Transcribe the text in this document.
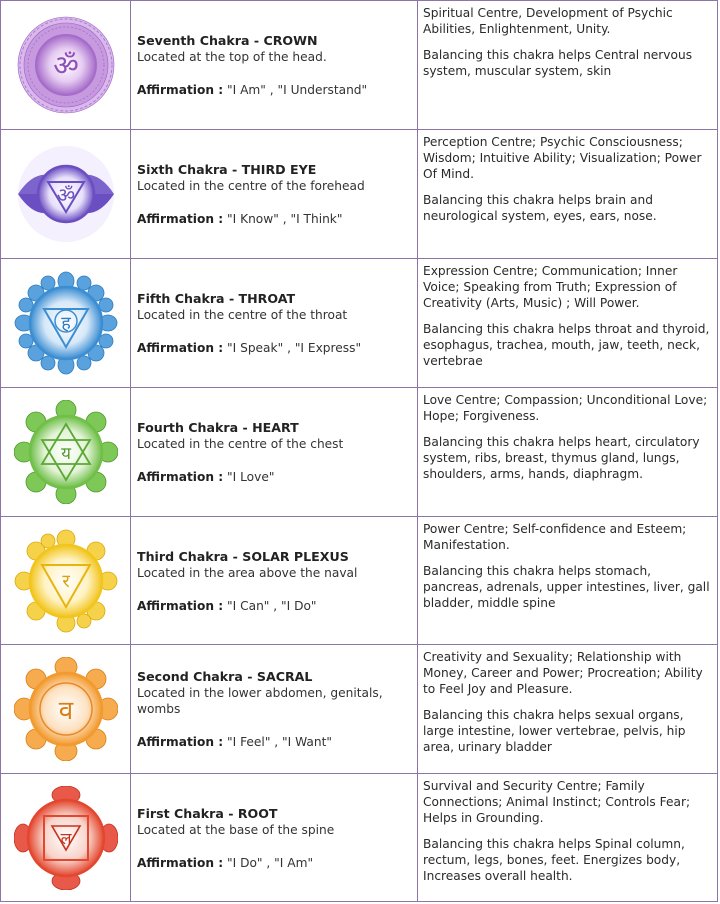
ॐ
Seventh Chakra - CROWN
Located at the top of the head.
Affirmation : "I Am" , "I Understand"

Spiritual Centre, Development of Psychic Abilities, Enlightenment, Unity.

Balancing this chakra helps Central nervous system, muscular system, skin

ॐ
Sixth Chakra - THIRD EYE
Located in the centre of the forehead
Affirmation : "I Know" , "I Think"

Perception Centre; Psychic Consciousness; Wisdom; Intuitive Ability; Visualization; Power Of Mind.

Balancing this chakra helps brain and neurological system, eyes, ears, nose.

ह
Fifth Chakra - THROAT
Located in the centre of the throat
Affirmation : "I Speak" , "I Express"

Expression Centre; Communication; Inner Voice; Speaking from Truth; Expression of Creativity (Arts, Music) ; Will Power.

Balancing this chakra helps throat and thyroid, esophagus, trachea, mouth, jaw, teeth, neck, vertebrae

य
Fourth Chakra - HEART
Located in the centre of the chest
Affirmation : "I Love"

Love Centre; Compassion; Unconditional Love; Hope; Forgiveness.

Balancing this chakra helps heart, circulatory system, ribs, breast, thymus gland, lungs, shoulders, arms, hands, diaphragm.

र
Third Chakra - SOLAR PLEXUS
Located in the area above the naval
Affirmation : "I Can" , "I Do"

Power Centre; Self-confidence and Esteem; Manifestation.

Balancing this chakra helps stomach, pancreas, adrenals, upper intestines, liver, gall bladder, middle spine

व
Second Chakra - SACRAL
Located in the lower abdomen, genitals, wombs
Affirmation : "I Feel" , "I Want"

Creativity and Sexuality; Relationship with Money, Career and Power; Procreation; Ability to Feel Joy and Pleasure.

Balancing this chakra helps sexual organs, large intestine, lower vertebrae, pelvis, hip area, urinary bladder

ल
First Chakra - ROOT
Located at the base of the spine
Affirmation : "I Do" , "I Am"

Survival and Security Centre; Family Connections; Animal Instinct; Controls Fear; Helps in Grounding.

Balancing this chakra helps Spinal column, rectum, legs, bones, feet. Energizes body, Increases overall health.
